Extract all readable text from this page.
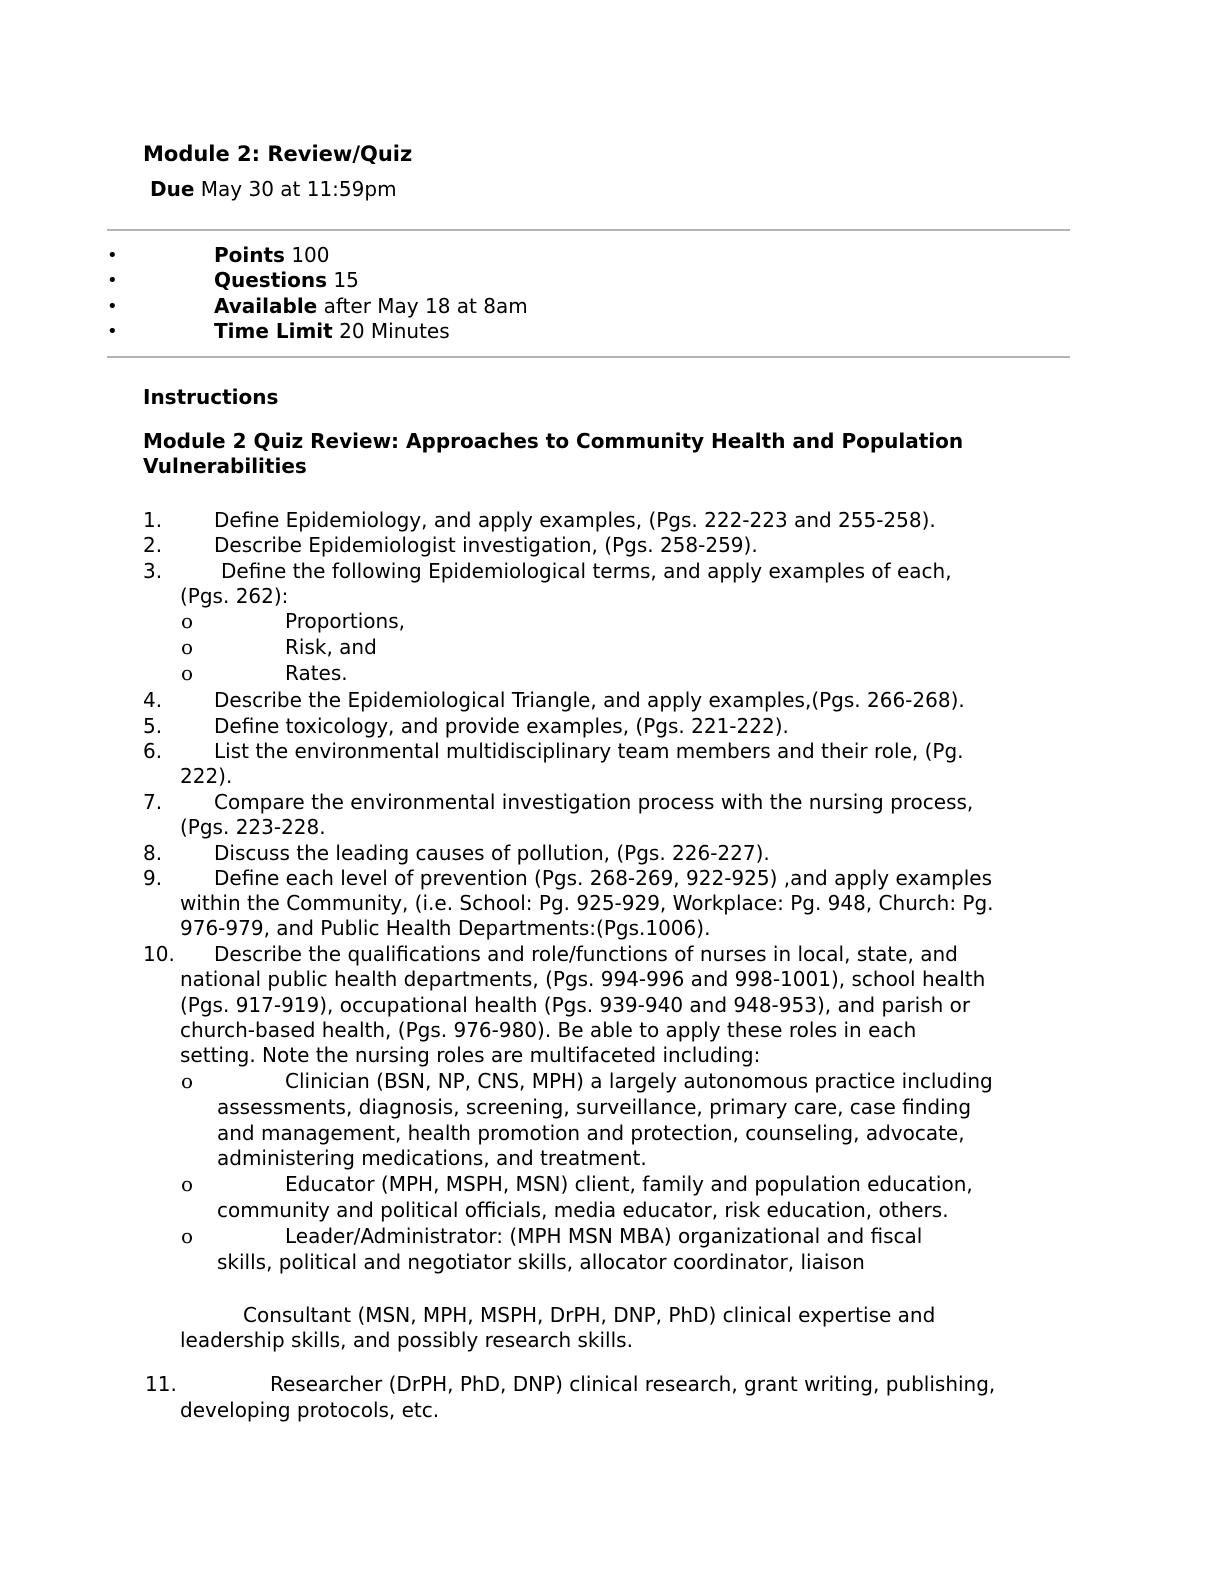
Module 2: Review/Quiz
Due May 30 at 11:59pm
•	Points 100
•	Questions 15
•	Available after May 18 at 8am
•	Time Limit 20 Minutes
Instructions
Module 2 Quiz Review: Approaches to Community Health and Population
Vulnerabilities
1.	Define Epidemiology, and apply examples, (Pgs. 222-223 and 255-258).
2.	Describe Epidemiologist investigation, (Pgs. 258-259).
3.	Define the following Epidemiological terms, and apply examples of each,
(Pgs. 262):
o	Proportions,
o	Risk, and
o	Rates.
4.	Describe the Epidemiological Triangle, and apply examples,(Pgs. 266-268).
5.	Define toxicology, and provide examples, (Pgs. 221-222).
6.	List the environmental multidisciplinary team members and their role, (Pg.
222).
7.	Compare the environmental investigation process with the nursing process,
(Pgs. 223-228.
8.	Discuss the leading causes of pollution, (Pgs. 226-227).
9.	Define each level of prevention (Pgs. 268-269, 922-925) ,and apply examples
within the Community, (i.e. School: Pg. 925-929, Workplace: Pg. 948, Church: Pg.
976-979, and Public Health Departments:(Pgs.1006).
10. Describe the qualifications and role/functions of nurses in local, state, and
national public health departments, (Pgs. 994-996 and 998-1001), school health
(Pgs. 917-919), occupational health (Pgs. 939-940 and 948-953), and parish or
church-based health, (Pgs. 976-980). Be able to apply these roles in each
setting. Note the nursing roles are multifaceted including:
o	Clinician (BSN, NP, CNS, MPH) a largely autonomous practice including
assessments, diagnosis, screening, surveillance, primary care, case finding
and management, health promotion and protection, counseling, advocate,
administering medications, and treatment.
o	Educator (MPH, MSPH, MSN) client, family and population education,
community and political officials, media educator, risk education, others.
o	Leader/Administrator: (MPH MSN MBA) organizational and fiscal
skills, political and negotiator skills, allocator coordinator, liaison
Consultant (MSN, MPH, MSPH, DrPH, DNP, PhD) clinical expertise and
leadership skills, and possibly research skills.
11.	Researcher (DrPH, PhD, DNP) clinical research, grant writing, publishing,
developing protocols, etc.
